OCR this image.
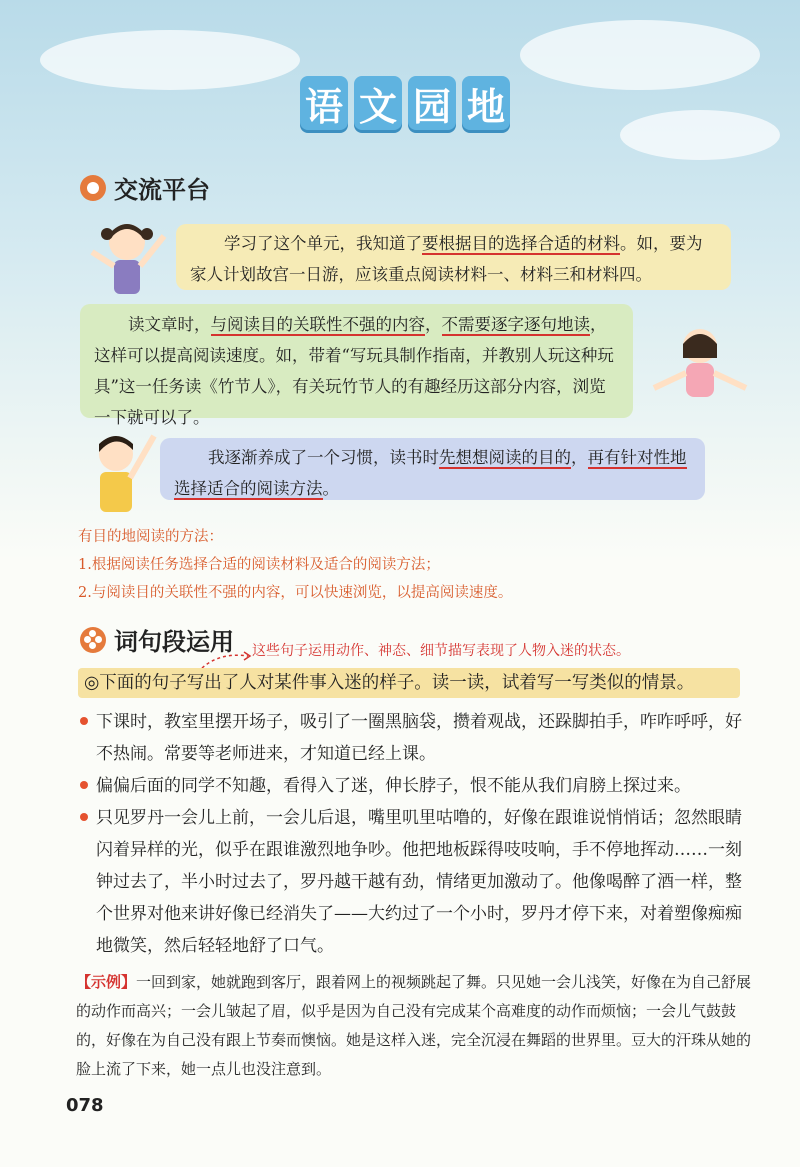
语 文 园 地
交流平台
学习了这个单元，我知道了要根据目的选择合适的材料。如，要为家人计划故宫一日游，应该重点阅读材料一、材料三和材料四。
读文章时，与阅读目的关联性不强的内容，不需要逐字逐句地读，这样可以提高阅读速度。如，带着“写玩具制作指南，并教别人玩这种玩具”这一任务读《竹节人》，有关玩竹节人的有趣经历这部分内容，浏览一下就可以了。
我逐渐养成了一个习惯，读书时先想想阅读的目的，再有针对性地选择适合的阅读方法。
有目的地阅读的方法：
1.根据阅读任务选择合适的阅读材料及适合的阅读方法；
2.与阅读目的关联性不强的内容，可以快速浏览，以提高阅读速度。
词句段运用 这些句子运用动作、神态、细节描写表现了人物入迷的状态。
◎下面的句子写出了人对某件事入迷的样子。读一读，试着写一写类似的情景。
下课时，教室里摆开场子，吸引了一圈黑脑袋，攒着观战，还跺脚拍手，咋咋呼呼，好不热闹。常要等老师进来，才知道已经上课。
偏偏后面的同学不知趣，看得入了迷，伸长脖子，恨不能从我们肩膀上探过来。
只见罗丹一会儿上前，一会儿后退，嘴里叽里咕噜的，好像在跟谁说悄悄话；忽然眼睛闪着异样的光，似乎在跟谁激烈地争吵。他把地板踩得吱吱响，手不停地挥动……一刻钟过去了，半小时过去了，罗丹越干越有劲，情绪更加激动了。他像喝醉了酒一样，整个世界对他来讲好像已经消失了——大约过了一个小时，罗丹才停下来，对着塑像痴痴地微笑，然后轻轻地舒了口气。
【示例】一回到家，她就跑到客厅，跟着网上的视频跳起了舞。只见她一会儿浅笑，好像在为自己舒展的动作而高兴；一会儿皱起了眉，似乎是因为自己没有完成某个高难度的动作而烦恼；一会儿气鼓鼓的，好像在为自己没有跟上节奏而懊恼。她是这样入迷，完全沉浸在舞蹈的世界里。豆大的汗珠从她的脸上流了下来，她一点儿也没注意到。
078
